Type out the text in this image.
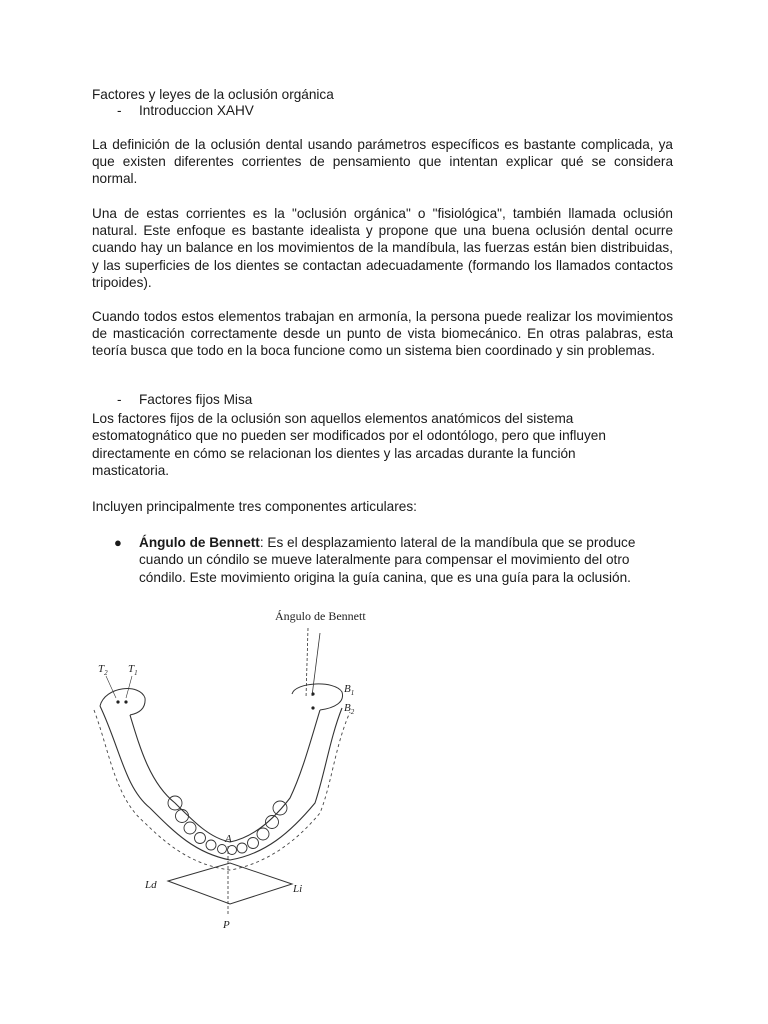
Factores y leyes de la oclusión orgánica
- Introduccion XAHV

La definición de la oclusión dental usando parámetros específicos es bastante complicada, ya que existen diferentes corrientes de pensamiento que intentan explicar qué se considera normal.

Una de estas corrientes es la "oclusión orgánica" o "fisiológica", también llamada oclusión natural. Este enfoque es bastante idealista y propone que una buena oclusión dental ocurre cuando hay un balance en los movimientos de la mandíbula, las fuerzas están bien distribuidas, y las superficies de los dientes se contactan adecuadamente (formando los llamados contactos tripoides).

Cuando todos estos elementos trabajan en armonía, la persona puede realizar los movimientos de masticación correctamente desde un punto de vista biomecánico. En otras palabras, esta teoría busca que todo en la boca funcione como un sistema bien coordinado y sin problemas.

- Factores fijos Misa

Los factores fijos de la oclusión son aquellos elementos anatómicos del sistema estomatognático que no pueden ser modificados por el odontólogo, pero que influyen directamente en cómo se relacionan los dientes y las arcadas durante la función masticatoria.

Incluyen principalmente tres componentes articulares:

● Ángulo de Bennett: Es el desplazamiento lateral de la mandíbula que se produce cuando un cóndilo se mueve lateralmente para compensar el movimiento del otro cóndilo. Este movimiento origina la guía canina, que es una guía para la oclusión.

Ángulo de Bennett
$T_2$ $T_1$
$B_1$
$B_2$
A
Ld	Li
P
